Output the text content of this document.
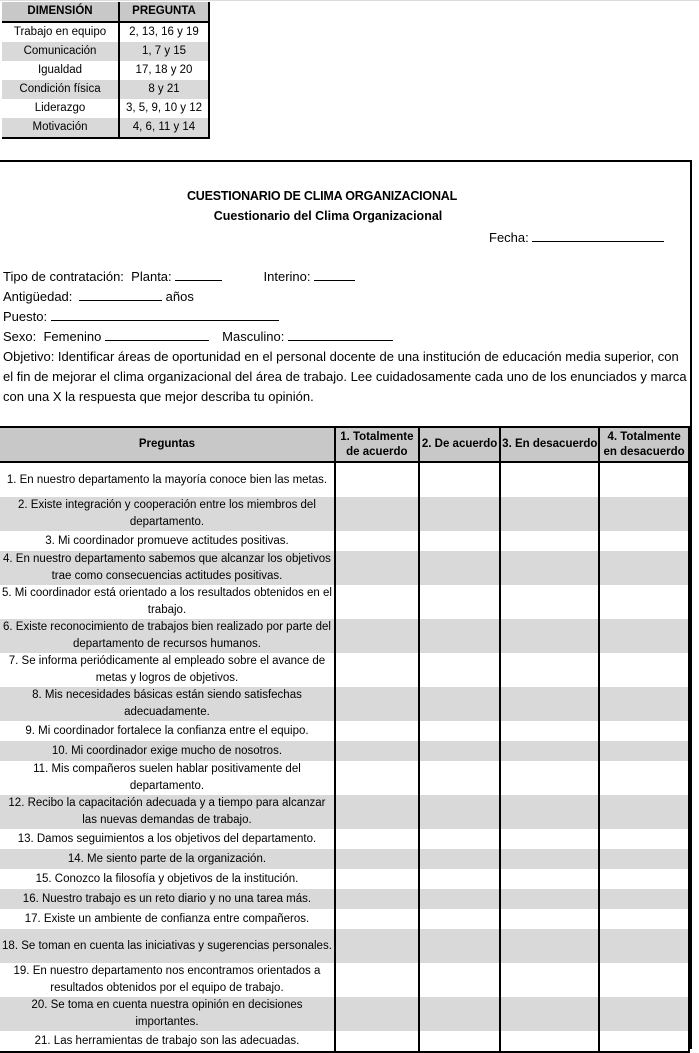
DIMENSIÓN	PREGUNTA
Trabajo en equipo	2, 13, 16 y 19
Comunicación	1, 7 y 15
Igualdad	17, 18 y 20
Condición física	8 y 21
Liderazgo	3, 5, 9, 10 y 12
Motivación	4, 6, 11 y 14
CUESTIONARIO DE CLIMA ORGANIZACIONAL
Cuestionario del Clima Organizacional
Fecha:
Tipo de contratación: Planta:	Interino:
Antigüedad:	años
Puesto:
Sexo: Femenino	Masculino:
Objetivo: Identificar áreas de oportunidad en el personal docente de una institución de educación media superior, con el fin de mejorar el clima organizacional del área de trabajo. Lee cuidadosamente cada uno de los enunciados y marca con una X la respuesta que mejor describa tu opinión.
Preguntas	1. Totalmente de acuerdo	2. De acuerdo	3. En desacuerdo	4. Totalmente en desacuerdo
1. En nuestro departamento la mayoría conoce bien las metas.				
2. Existe integración y cooperación entre los miembros del departamento.				
3. Mi coordinador promueve actitudes positivas.				
4. En nuestro departamento sabemos que alcanzar los objetivos trae como consecuencias actitudes positivas.				
5. Mi coordinador está orientado a los resultados obtenidos en el trabajo.				
6. Existe reconocimiento de trabajos bien realizado por parte del departamento de recursos humanos.				
7. Se informa periódicamente al empleado sobre el avance de metas y logros de objetivos.				
8. Mis necesidades básicas están siendo satisfechas adecuadamente.				
9. Mi coordinador fortalece la confianza entre el equipo.				
10. Mi coordinador exige mucho de nosotros.				
11. Mis compañeros suelen hablar positivamente del departamento.				
12. Recibo la capacitación adecuada y a tiempo para alcanzar las nuevas demandas de trabajo.				
13. Damos seguimientos a los objetivos del departamento.				
14. Me siento parte de la organización.				
15. Conozco la filosofía y objetivos de la institución.				
16. Nuestro trabajo es un reto diario y no una tarea más.				
17. Existe un ambiente de confianza entre compañeros.				
18. Se toman en cuenta las iniciativas y sugerencias personales.				
19. En nuestro departamento nos encontramos orientados a resultados obtenidos por el equipo de trabajo.				
20. Se toma en cuenta nuestra opinión en decisiones importantes.				
21. Las herramientas de trabajo son las adecuadas.				
